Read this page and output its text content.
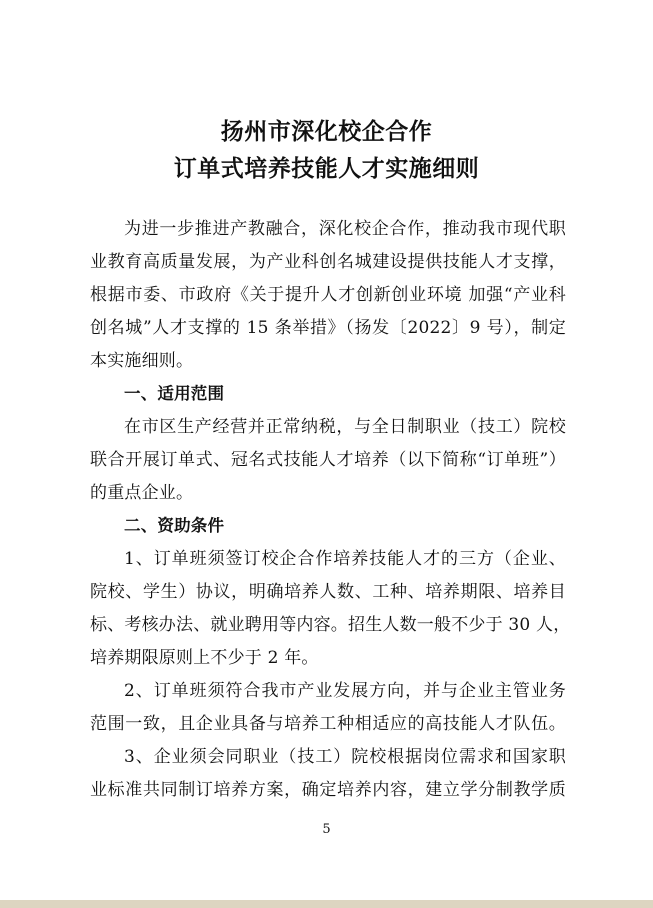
扬州市深化校企合作
订单式培养技能人才实施细则
为进一步推进产教融合，深化校企合作，推动我市现代职
业教育高质量发展，为产业科创名城建设提供技能人才支撑，
根据市委、市政府《关于提升人才创新创业环境 加强“产业科
创名城”人才支撑的 15 条举措》（扬发〔2022〕9 号），制定
本实施细则。
一、适用范围
在市区生产经营并正常纳税，与全日制职业（技工）院校
联合开展订单式、冠名式技能人才培养（以下简称“订单班”）
的重点企业。
二、资助条件
1、订单班须签订校企合作培养技能人才的三方（企业、
院校、学生）协议，明确培养人数、工种、培养期限、培养目
标、考核办法、就业聘用等内容。招生人数一般不少于 30 人，
培养期限原则上不少于 2 年。
2、订单班须符合我市产业发展方向，并与企业主管业务
范围一致，且企业具备与培养工种相适应的高技能人才队伍。
3、企业须会同职业（技工）院校根据岗位需求和国家职
业标准共同制订培养方案，确定培养内容，建立学分制教学质
5
